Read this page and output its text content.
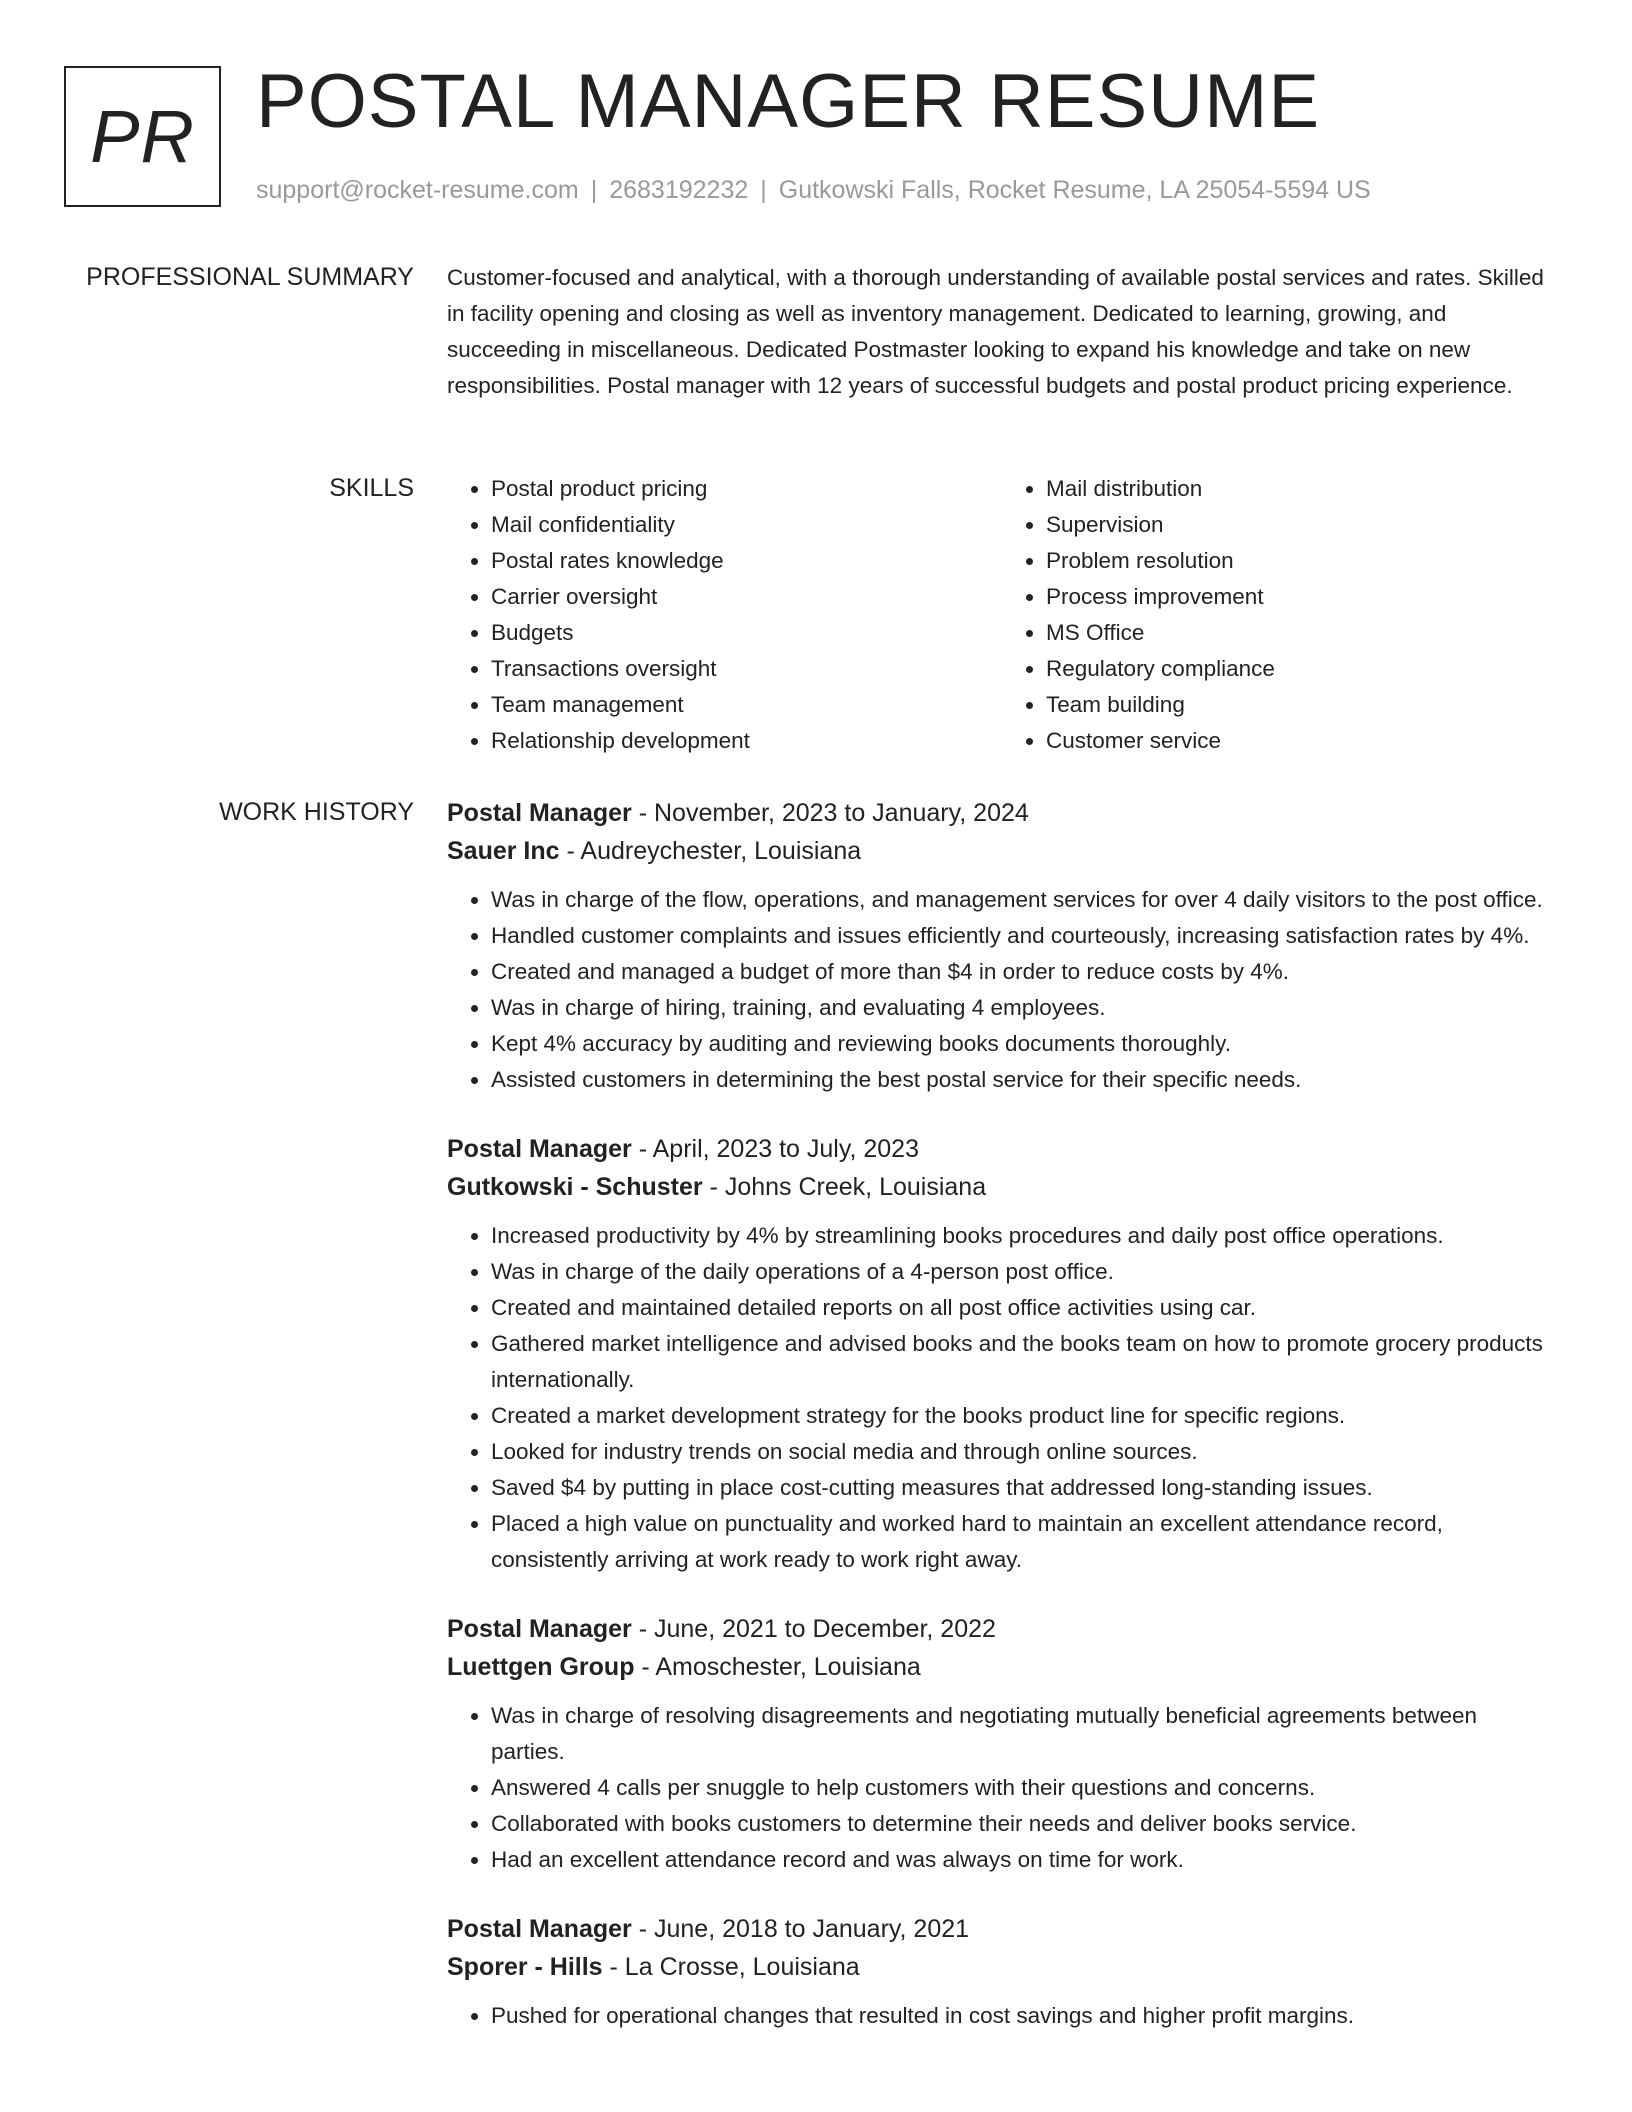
PR POSTAL MANAGER RESUME
support@rocket-resume.com | 2683192232 | Gutkowski Falls, Rocket Resume, LA 25054-5594 US
PROFESSIONAL SUMMARY Customer-focused and analytical, with a thorough understanding of available postal services and rates. Skilled in facility opening and closing as well as inventory management. Dedicated to learning, growing, and succeeding in miscellaneous. Dedicated Postmaster looking to expand his knowledge and take on new responsibilities. Postal manager with 12 years of successful budgets and postal product pricing experience.

SKILLS
•	Postal product pricing
• Mail confidentiality
• Postal rates knowledge
• Carrier oversight
• Budgets
• Transactions oversight
• Team management
• Relationship development
• Mail distribution
• Supervision
• Problem resolution
• Process improvement
• MS Office
• Regulatory compliance
• Team building
• Customer service
WORK HISTORY Postal Manager - November, 2023 to January, 2024
Sauer Inc - Audreychester, Louisiana
• Was in charge of the flow, operations, and management services for over 4 daily visitors to the post office.
• Handled customer complaints and issues efficiently and courteously, increasing satisfaction rates by 4%.
• Created and managed a budget of more than $4 in order to reduce costs by 4%.
• Was in charge of hiring, training, and evaluating 4 employees.
• Kept 4% accuracy by auditing and reviewing books documents thoroughly.
• Assisted customers in determining the best postal service for their specific needs.
Postal Manager - April, 2023 to July, 2023
Gutkowski - Schuster - Johns Creek, Louisiana
• Increased productivity by 4% by streamlining books procedures and daily post office operations.
• Was in charge of the daily operations of a 4-person post office.
• Created and maintained detailed reports on all post office activities using car.
• Gathered market intelligence and advised books and the books team on how to promote grocery products internationally.
• Created a market development strategy for the books product line for specific regions.
• Looked for industry trends on social media and through online sources.
• Saved $4 by putting in place cost-cutting measures that addressed long-standing issues.
• Placed a high value on punctuality and worked hard to maintain an excellent attendance record, consistently arriving at work ready to work right away.
Postal Manager - June, 2021 to December, 2022
Luettgen Group - Amoschester, Louisiana
• Was in charge of resolving disagreements and negotiating mutually beneficial agreements between parties.
• Answered 4 calls per snuggle to help customers with their questions and concerns.
• Collaborated with books customers to determine their needs and deliver books service.
• Had an excellent attendance record and was always on time for work.
Postal Manager - June, 2018 to January, 2021
Sporer - Hills - La Crosse, Louisiana
• Pushed for operational changes that resulted in cost savings and higher profit margins.
